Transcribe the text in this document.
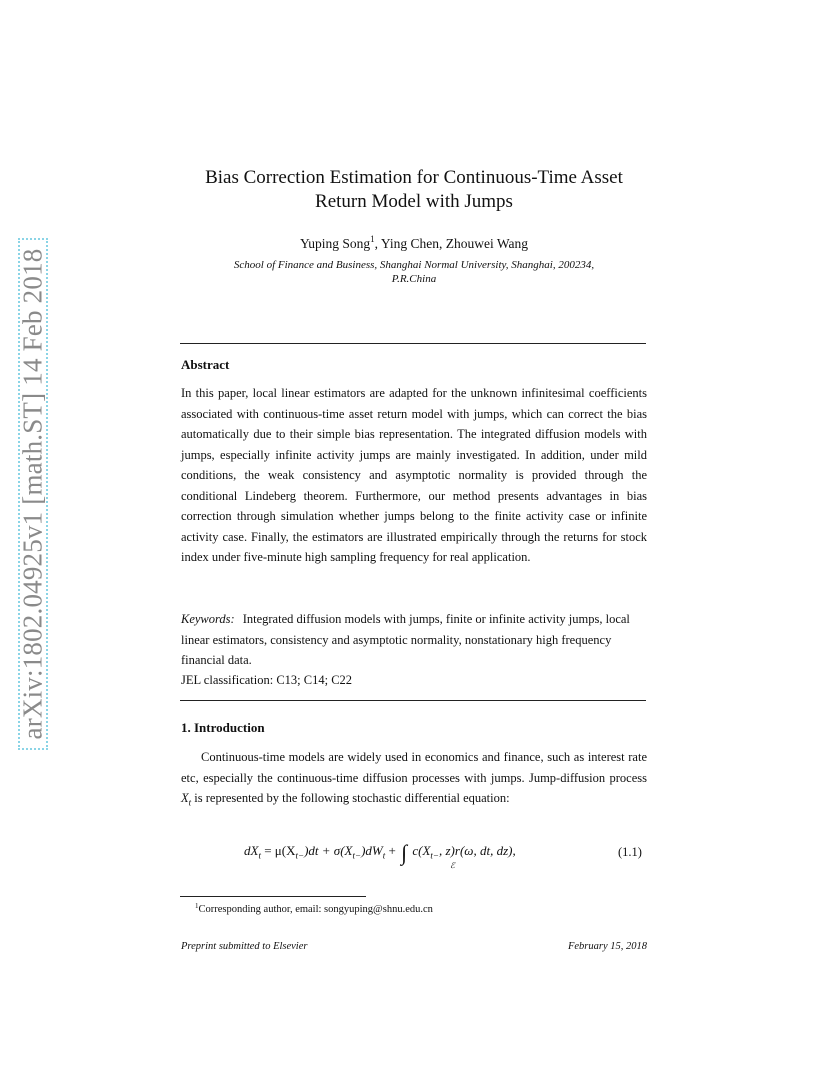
arXiv:1802.04925v1 [math.ST] 14 Feb 2018
Bias Correction Estimation for Continuous-Time Asset
Return Model with Jumps
Yuping Song$^1$, Ying Chen, Zhouwei Wang
School of Finance and Business, Shanghai Normal University, Shanghai, 200234,
P.R.China
Abstract
In this paper, local linear estimators are adapted for the unknown infinitesimal coefficients associated with continuous-time asset return model with jumps, which can correct the bias automatically due to their simple bias representation. The integrated diffusion models with jumps, especially infinite activity jumps are mainly investigated. In addition, under mild conditions, the weak consistency and asymptotic normality is provided through the conditional Lindeberg theorem. Furthermore, our method presents advantages in bias correction through simulation whether jumps belong to the finite activity case or infinite activity case. Finally, the estimators are illustrated empirically through the returns for stock index under five-minute high sampling frequency for real application.
Keywords: Integrated diffusion models with jumps, finite or infinite activity jumps, local linear estimators, consistency and asymptotic normality, nonstationary high frequency financial data.
JEL classification: C13; C14; C22
1. Introduction
Continuous-time models are widely used in economics and finance, such as interest rate etc, especially the continuous-time diffusion processes with jumps. Jump-diffusion process $X_t$ is represented by the following stochastic differential equation:
$dX_t = \mu(X_{t-})dt + \sigma(X_{t-})dW_t$ + ∫ $c(X_{t-}$, z)r(ω, dt, dz),
ℰ
(1.1)
$^1$Corresponding author, email: songyuping@shnu.edu.cn
Preprint submitted to Elsevier	February 15, 2018
